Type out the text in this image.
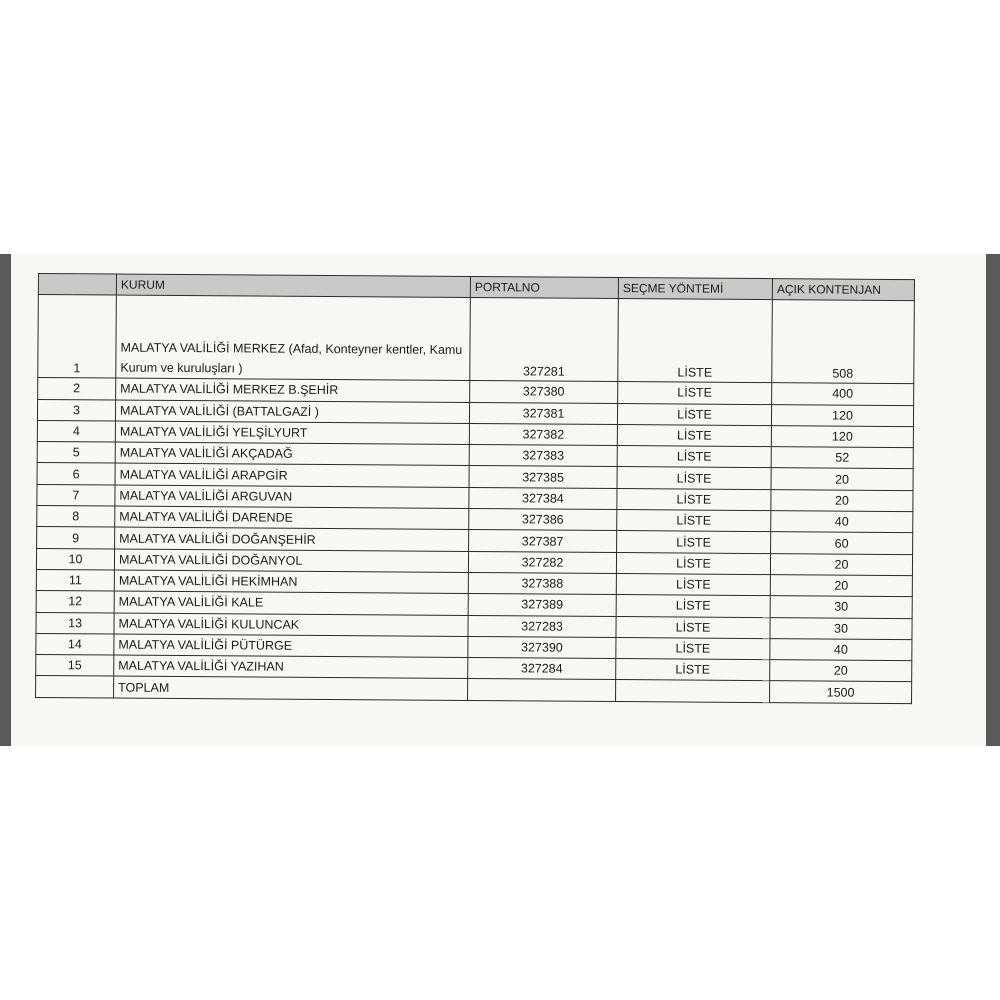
	KURUM	PORTALNO	SEÇME YÖNTEMİ	AÇIK KONTENJAN
1	MALATYA VALİLİĞİ MERKEZ (Afad, Konteyner kentler, Kamu Kurum ve kuruluşları )	327281	LİSTE	508
2	MALATYA VALİLİĞİ MERKEZ B.ŞEHİR	327380	LİSTE	400
3	MALATYA VALİLİĞİ (BATTALGAZİ )	327381	LİSTE	120
4	MALATYA VALİLİĞİ YELŞİLYURT	327382	LİSTE	120
5	MALATYA VALİLİĞİ AKÇADAĞ	327383	LİSTE	52
6	MALATYA VALİLİĞİ ARAPGİR	327385	LİSTE	20
7	MALATYA VALİLİĞİ ARGUVAN	327384	LİSTE	20
8	MALATYA VALİLİĞİ DARENDE	327386	LİSTE	40
9	MALATYA VALİLİĞİ DOĞANŞEHİR	327387	LİSTE	60
10	MALATYA VALİLİĞİ DOĞANYOL	327282	LİSTE	20
11	MALATYA VALİLİĞİ HEKİMHAN	327388	LİSTE	20
12	MALATYA VALİLİĞİ KALE	327389	LİSTE	30
13	MALATYA VALİLİĞİ KULUNCAK	327283	LİSTE	30
14	MALATYA VALİLİĞİ PÜTÜRGE	327390	LİSTE	40
15	MALATYA VALİLİĞİ YAZIHAN	327284	LİSTE	20
	TOPLAM			1500
